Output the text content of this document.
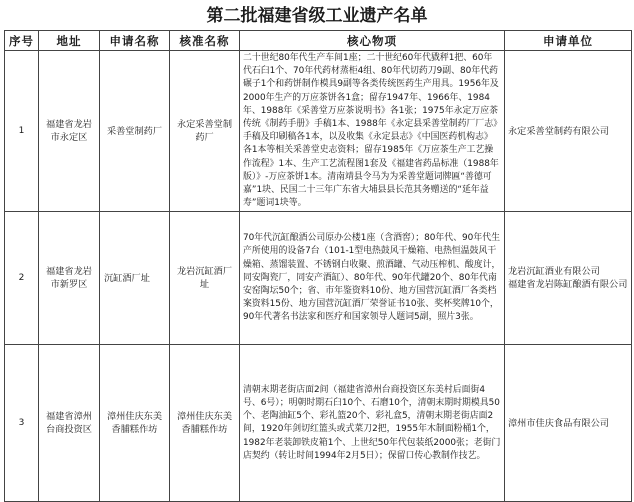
第二批福建省级工业遗产名单
序号	地址	申请名称	核准名称	核心物项	申请单位
1	福建省龙岩市永定区	采善堂制药厂	永定采善堂制药厂	二十世纪80年代生产车间1座；二十世纪60年代戥秤1把、60年代石臼1个、70年代药材蒸柜4组、80年代切药刀9副、80年代药碾子1个和药饼制作模具9副等各类传统医药生产用具。1956年及2000年生产的万应茶饼各1盒；留存1947年、1966年、1984年、1988年《采善堂万应茶说明书》各1张；1975年永定万应茶传统《制药手册》手稿1本、1988年《永定县采善堂制药厂厂志》手稿及印刷稿各1本，以及收集《永定县志》《中国医药机构志》各1本等相关采善堂史志资料；留存1985年《万应茶生产工艺操作流程》1本、生产工艺流程图1套及《福建省药品标准（1988年版）》-万应茶饼1本。清南靖县令马为为采善堂题词牌匾“善德可嘉”1块、民国二十三年广东省大埔县县长范其务赠送的“延年益寿”题词1块等。	永定采善堂制药有限公司
2	福建省龙岩市新罗区	沉缸酒厂址	龙岩沉缸酒厂址	70年代沉缸酿酒公司原办公楼1座（含酒窖）；80年代、90年代生产所使用的设备7台（101-1型电热鼓风干燥箱、电热恒温鼓风干燥箱、蒸馏装置、不锈钢白收聚、煎酒罐、气动压榨机、酸度计，同安陶瓷厂，同安产酒缸）、80年代、90年代罐20个、80年代南安窑陶坛50个；省、市年鉴资料10份、地方国营沉缸酒厂各类档案资料15份、地方国营沉缸酒厂荣誉证书10张、奖杯奖牌10个，90年代著名书法家和医疗和国家领导人题词5副，照片3张。	龙岩沉缸酒业有限公司
福建省龙岩陈缸酿酒有限公司
3	福建省漳州台商投资区	漳州佳庆东美香脯糕作坊	漳州佳庆东美香脯糕作坊	清朝末期老街店面2间（福建省漳州台商投资区东美村后面街4号、6号）；明朝时期石臼10个、石磨10个，清朝末期时期模具50个、老陶油缸5个、彩礼篮20个、彩礼盒5，清朝末期老街店面2间，1920年剑切红篮头或式菜刀2把，1955年木制面粉桶1个，1982年老装卸铁皮箱1个、上世纪50年代包装纸2000张；老街门店契约（转让时间1994年2月5日）；保留口传心教制作技艺。	漳州市佳庆食品有限公司
